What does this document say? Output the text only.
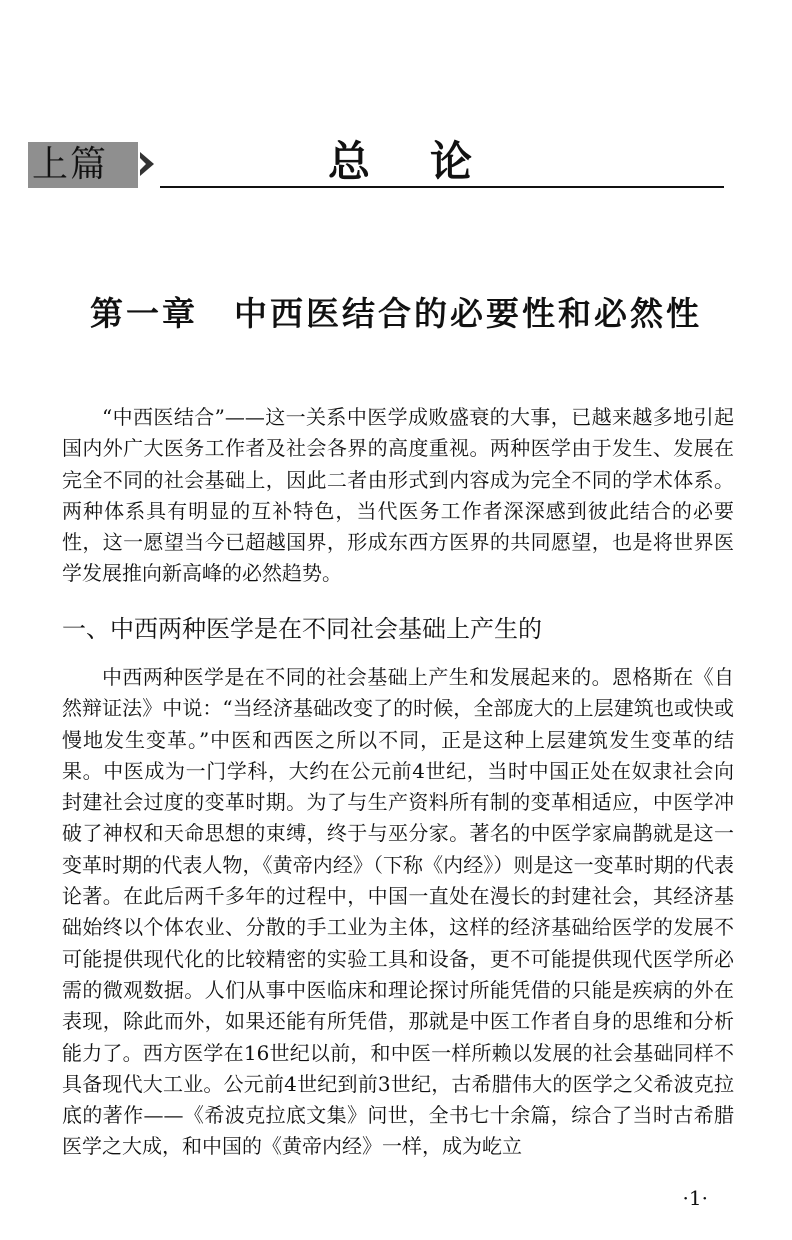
上篇	总论
第一章　中西医结合的必要性和必然性

“中西医结合”——这一关系中医学成败盛衰的大事，已越来越多地引起国内外广大医务工作者及社会各界的高度重视。两种医学由于发生、发展在完全不同的社会基础上，因此二者由形式到内容成为完全不同的学术体系。两种体系具有明显的互补特色，当代医务工作者深深感到彼此结合的必要性，这一愿望当今已超越国界，形成东西方医界的共同愿望，也是将世界医学发展推向新高峰的必然趋势。

一、中西两种医学是在不同社会基础上产生的

中西两种医学是在不同的社会基础上产生和发展起来的。恩格斯在《自然辩证法》中说：“当经济基础改变了的时候，全部庞大的上层建筑也或快或慢地发生变革。”中医和西医之所以不同，正是这种上层建筑发生变革的结果。中医成为一门学科，大约在公元前4世纪，当时中国正处在奴隶社会向封建社会过度的变革时期。为了与生产资料所有制的变革相适应，中医学冲破了神权和天命思想的束缚，终于与巫分家。著名的中医学家扁鹊就是这一变革时期的代表人物，《黄帝内经》（下称《内经》）则是这一变革时期的代表论著。在此后两千多年的过程中，中国一直处在漫长的封建社会，其经济基础始终以个体农业、分散的手工业为主体，这样的经济基础给医学的发展不可能提供现代化的比较精密的实验工具和设备，更不可能提供现代医学所必需的微观数据。人们从事中医临床和理论探讨所能凭借的只能是疾病的外在表现，除此而外，如果还能有所凭借，那就是中医工作者自身的思维和分析能力了。西方医学在16世纪以前，和中医一样所赖以发展的社会基础同样不具备现代大工业。公元前4世纪到前3世纪，古希腊伟大的医学之父希波克拉底的著作——《希波克拉底文集》问世，全书七十余篇，综合了当时古希腊医学之大成，和中国的《黄帝内经》一样，成为屹立

·1·
